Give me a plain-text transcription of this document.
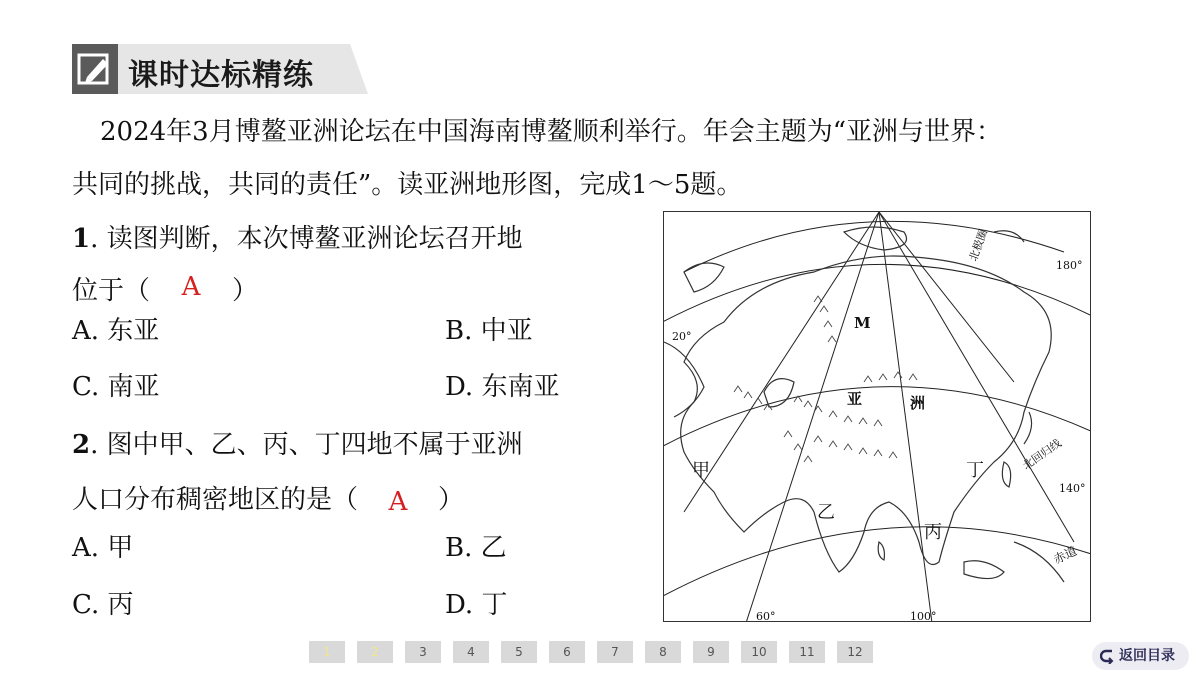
课时达标精练
2024年3月博鳌亚洲论坛在中国海南博鳌顺利举行。年会主题为“亚洲与世界：
共同的挑战，共同的责任”。读亚洲地形图，完成1～5题。
1. 读图判断，本次博鳌亚洲论坛召开地
位于（ A ）
A. 东亚	B. 中亚
C. 南亚	D. 东南亚
2. 图中甲、乙、丙、丁四地不属于亚洲
人口分布稠密地区的是（ A ）
A. 甲	B. 乙
C. 丙	D. 丁
M
亚	洲
甲
乙
丙
丁
北极圈
北回归线
赤道
180°
140°
100°
60°
20°
1	2	3	4	5	6	7	8	9	10	11	12	返回目录
